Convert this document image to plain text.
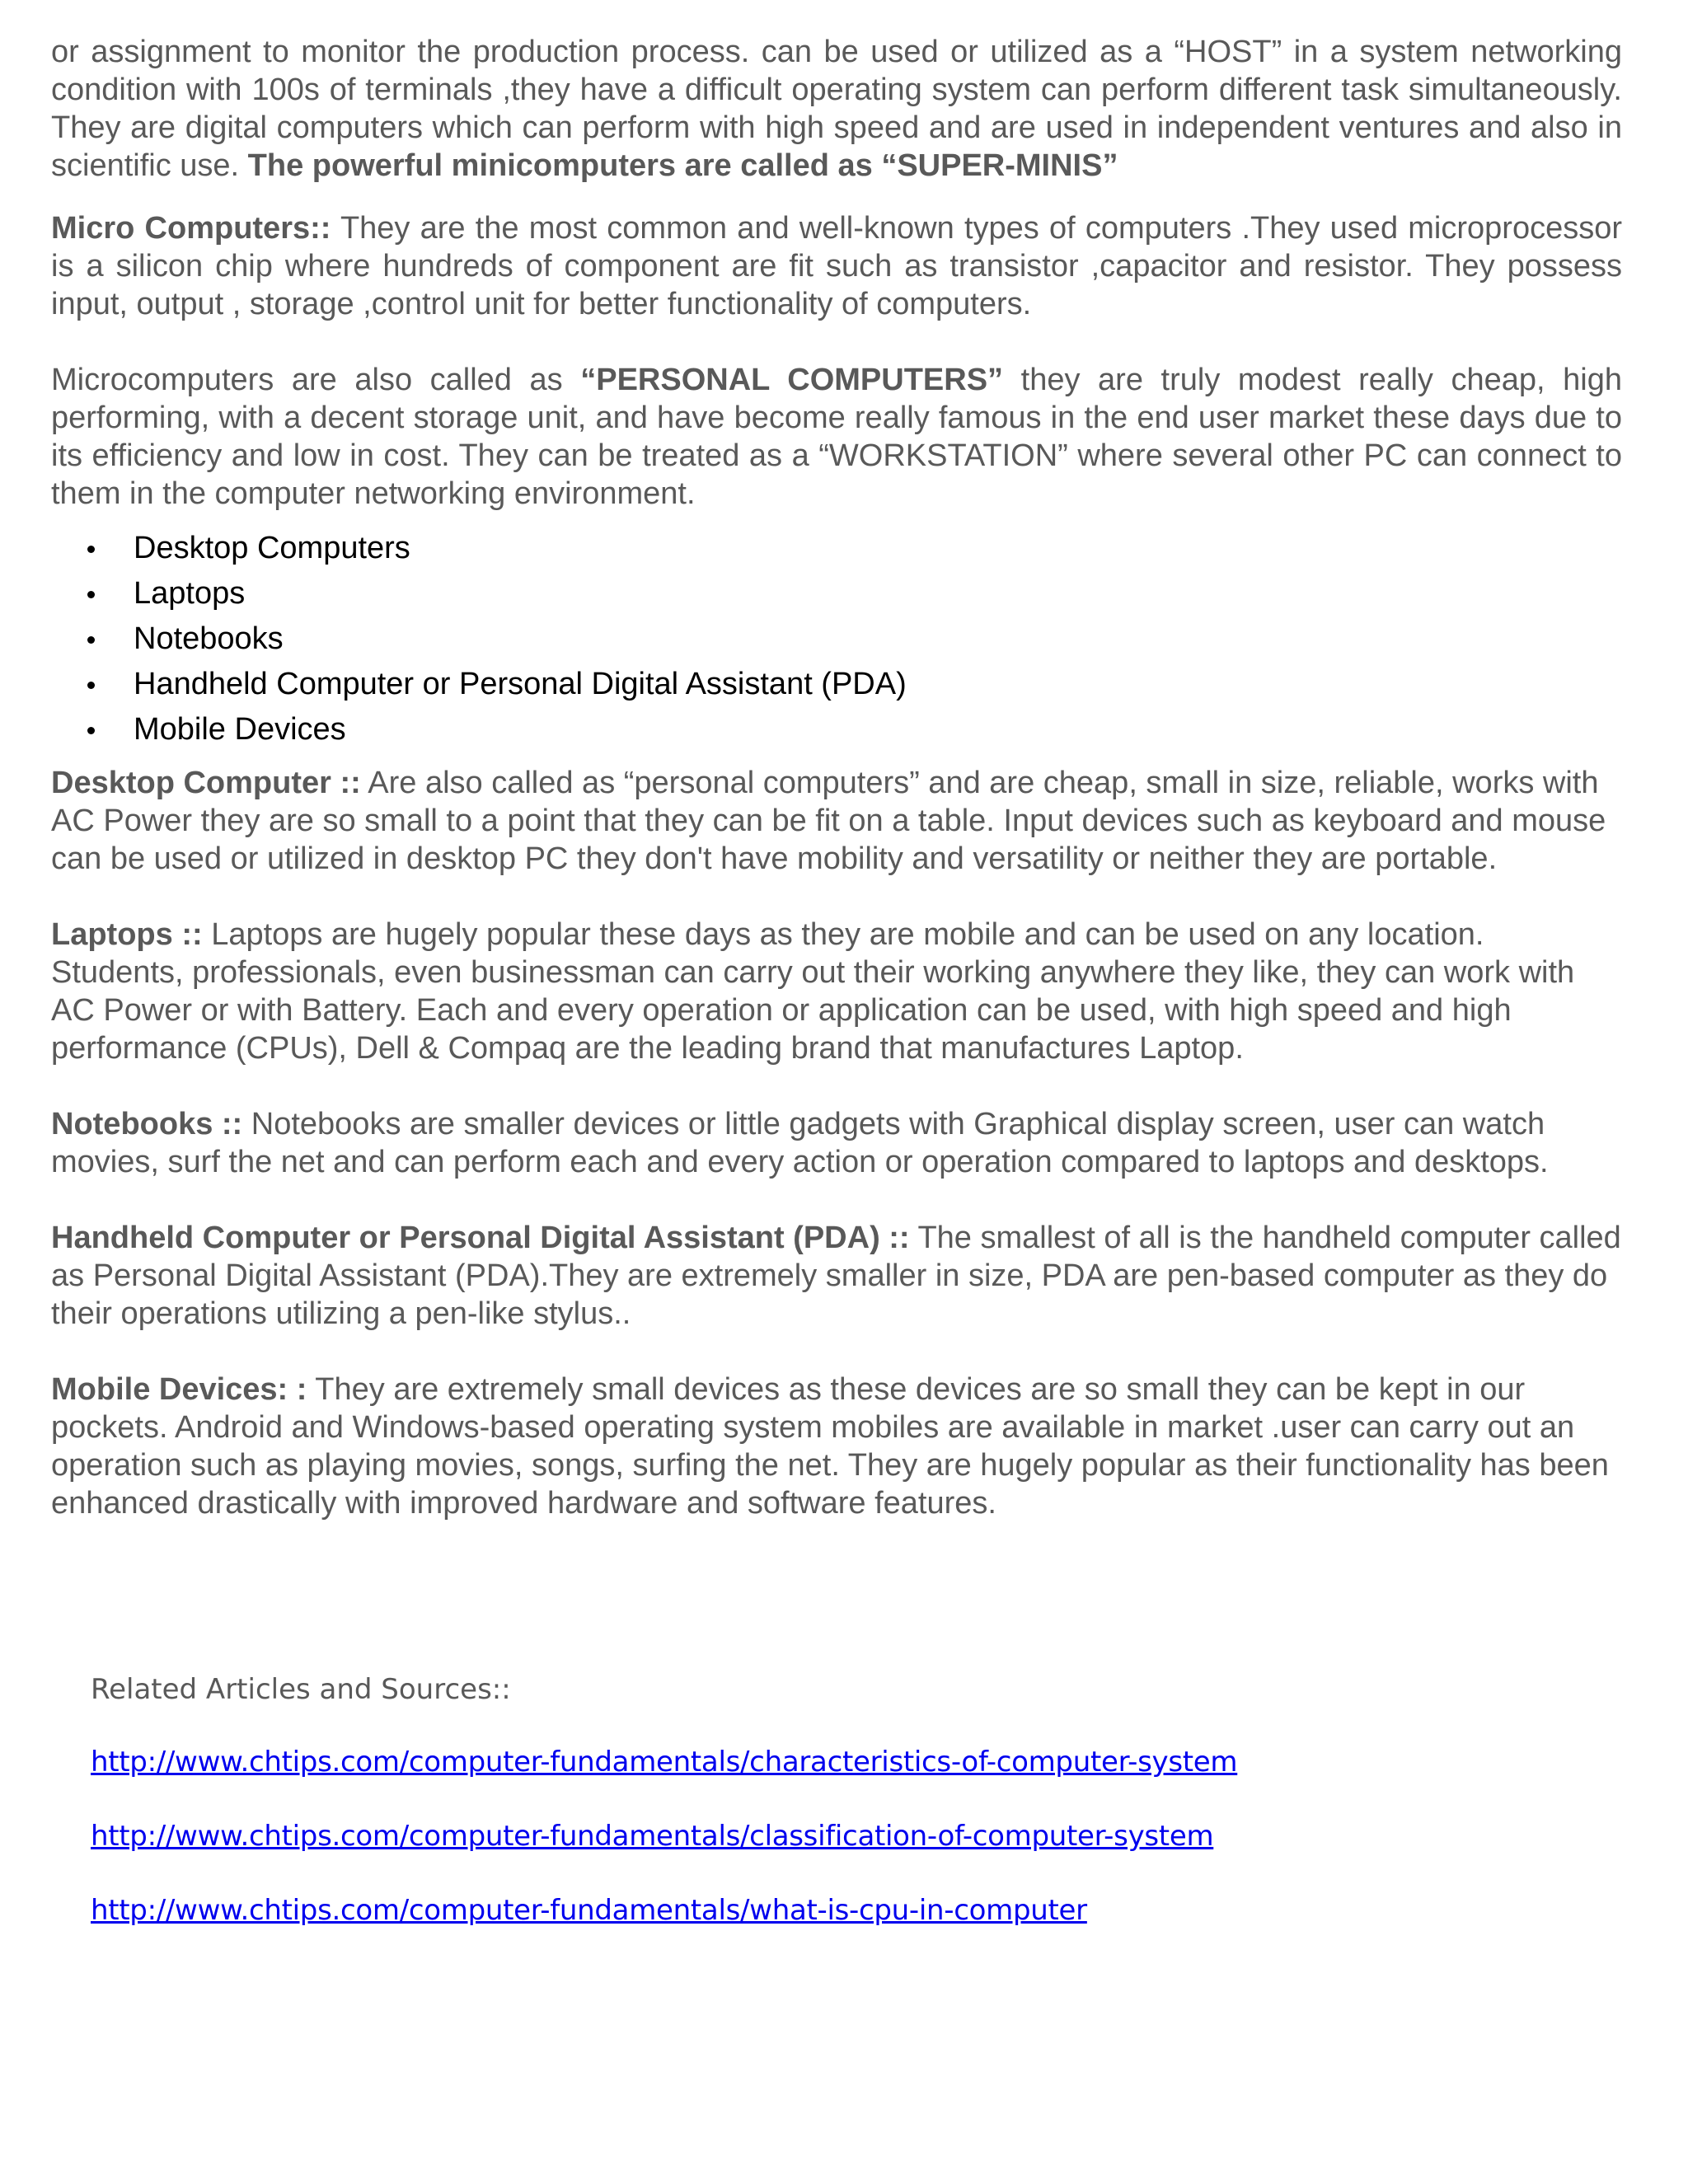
or assignment to monitor the production process. can be used or utilized as a “HOST” in a system networking condition with 100s of terminals ,they have a difficult operating system can perform different task simultaneously. They are digital computers which can perform with high speed and are used in independent ventures and also in scientific use. The powerful minicomputers are called as “SUPER-MINIS”

Micro Computers:: They are the most common and well-known types of computers .They used microprocessor is a silicon chip where hundreds of component are fit such as transistor ,capacitor and resistor. They possess input, output , storage ,control unit for better functionality of computers.

Microcomputers are also called as “PERSONAL COMPUTERS” they are truly modest really cheap, high performing, with a decent storage unit, and have become really famous in the end user market these days due to its efficiency and low in cost. They can be treated as a “WORKSTATION” where several other PC can connect to them in the computer networking environment.

Desktop Computers
Laptops
Notebooks
Handheld Computer or Personal Digital Assistant (PDA)
Mobile Devices

Desktop Computer :: Are also called as “personal computers” and are cheap, small in size, reliable, works with AC Power they are so small to a point that they can be fit on a table. Input devices such as keyboard and mouse can be used or utilized in desktop PC they don't have mobility and versatility or neither they are portable.

Laptops :: Laptops are hugely popular these days as they are mobile and can be used on any location. Students, professionals, even businessman can carry out their working anywhere they like, they can work with AC Power or with Battery. Each and every operation or application can be used, with high speed and high performance (CPUs), Dell & Compaq are the leading brand that manufactures Laptop.

Notebooks :: Notebooks are smaller devices or little gadgets with Graphical display screen, user can watch movies, surf the net and can perform each and every action or operation compared to laptops and desktops.

Handheld Computer or Personal Digital Assistant (PDA) :: The smallest of all is the handheld computer called as Personal Digital Assistant (PDA).They are extremely smaller in size, PDA are pen-based computer as they do their operations utilizing a pen-like stylus..

Mobile Devices: : They are extremely small devices as these devices are so small they can be kept in our pockets. Android and Windows-based operating system mobiles are available in market .user can carry out an operation such as playing movies, songs, surfing the net. They are hugely popular as their functionality has been enhanced drastically with improved hardware and software features.

Related Articles and Sources::

http://www.chtips.com/computer-fundamentals/characteristics-of-computer-system
http://www.chtips.com/computer-fundamentals/classification-of-computer-system
http://www.chtips.com/computer-fundamentals/what-is-cpu-in-computer
